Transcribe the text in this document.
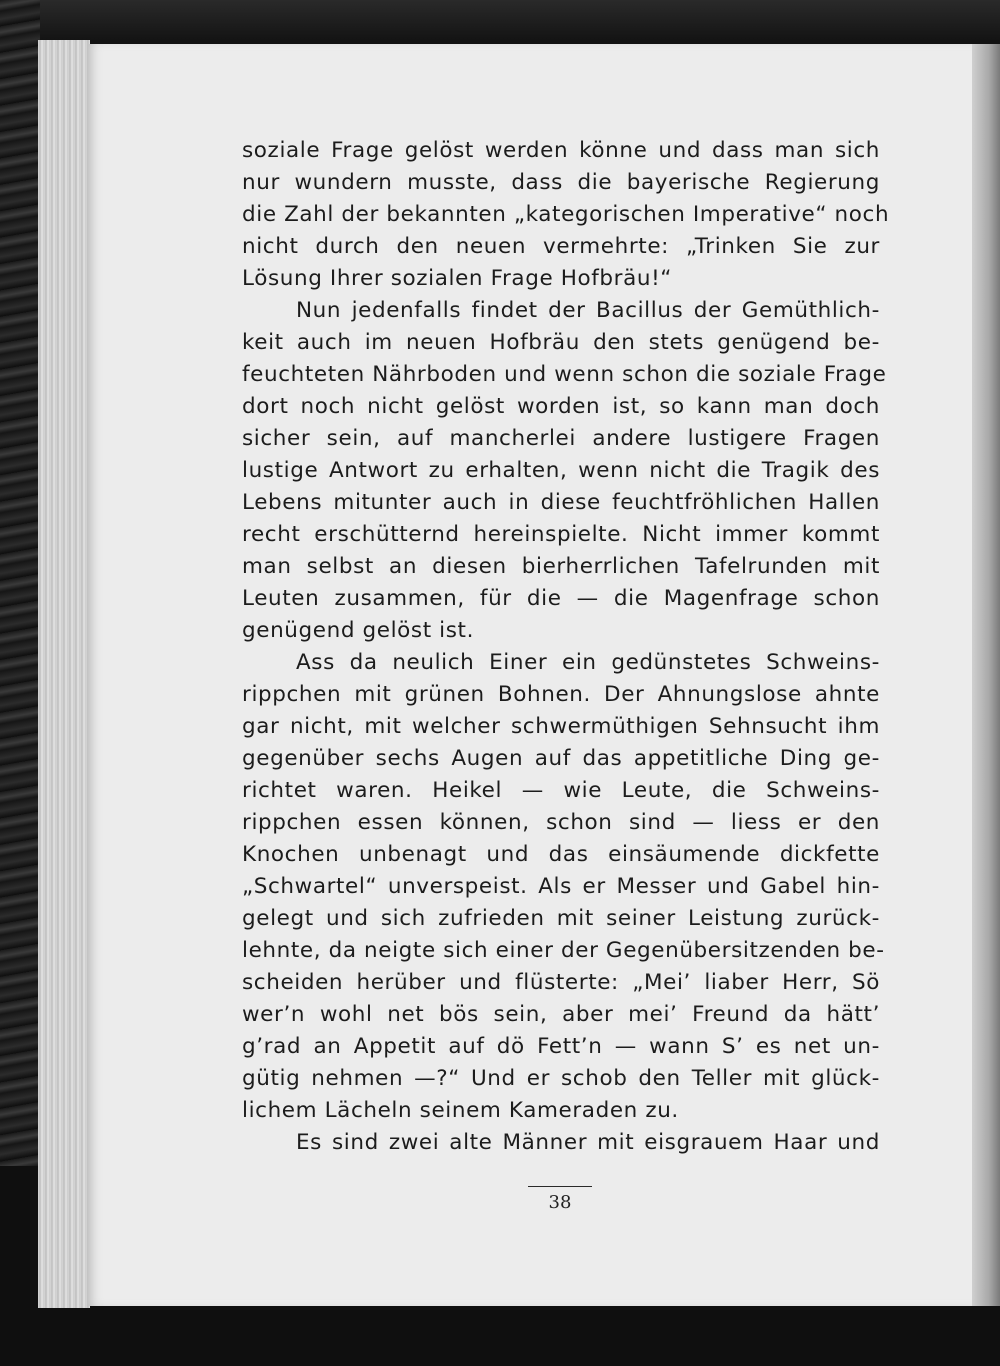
soziale Frage gelöst werden könne und dass man sich
nur wundern musste, dass die bayerische Regierung
die Zahl der bekannten „kategorischen Imperative“ noch
nicht durch den neuen vermehrte: „Trinken Sie zur
Lösung Ihrer sozialen Frage Hofbräu!“
Nun jedenfalls findet der Bacillus der Gemüthlich-
keit auch im neuen Hofbräu den stets genügend be-
feuchteten Nährboden und wenn schon die soziale Frage
dort noch nicht gelöst worden ist, so kann man doch
sicher sein, auf mancherlei andere lustigere Fragen
lustige Antwort zu erhalten, wenn nicht die Tragik des
Lebens mitunter auch in diese feuchtfröhlichen Hallen
recht erschütternd hereinspielte. Nicht immer kommt
man selbst an diesen bierherrlichen Tafelrunden mit
Leuten zusammen, für die — die Magenfrage schon
genügend gelöst ist.
Ass da neulich Einer ein gedünstetes Schweins-
rippchen mit grünen Bohnen. Der Ahnungslose ahnte
gar nicht, mit welcher schwermüthigen Sehnsucht ihm
gegenüber sechs Augen auf das appetitliche Ding ge-
richtet waren. Heikel — wie Leute, die Schweins-
rippchen essen können, schon sind — liess er den
Knochen unbenagt und das einsäumende dickfette
„Schwartel“ unverspeist. Als er Messer und Gabel hin-
gelegt und sich zufrieden mit seiner Leistung zurück-
lehnte, da neigte sich einer der Gegenübersitzenden be-
scheiden herüber und flüsterte: „Mei’ liaber Herr, Sö
wer’n wohl net bös sein, aber mei’ Freund da hätt’
g’rad an Appetit auf dö Fett’n — wann S’ es net un-
gütig nehmen —?“ Und er schob den Teller mit glück-
lichem Lächeln seinem Kameraden zu.
Es sind zwei alte Männer mit eisgrauem Haar und
38
